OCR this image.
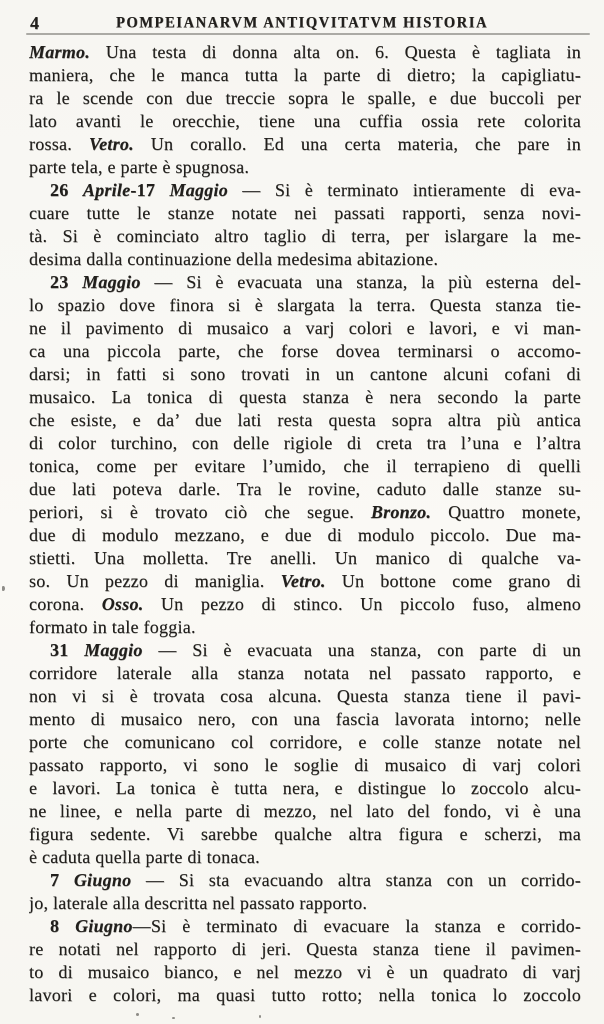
4	POMPEIANARVM ANTIQVITATVM HISTORIA
Marmo. Una testa di donna alta on. 6. Questa è tagliata in
maniera, che le manca tutta la parte di dietro; la capigliatu-
ra le scende con due treccie sopra le spalle, e due buccoli per
lato avanti le orecchie, tiene una cuffia ossia rete colorita
rossa. Vetro. Un corallo. Ed una certa materia, che pare in
parte tela, e parte è spugnosa.
26 Aprile-17 Maggio — Si è terminato intieramente di eva-
cuare tutte le stanze notate nei passati rapporti, senza novi-
tà. Si è cominciato altro taglio di terra, per islargare la me-
desima dalla continuazione della medesima abitazione.
23 Maggio — Si è evacuata una stanza, la più esterna del-
lo spazio dove finora si è slargata la terra. Questa stanza tie-
ne il pavimento di musaico a varj colori e lavori, e vi man-
ca una piccola parte, che forse dovea terminarsi o accomo-
darsi; in fatti si sono trovati in un cantone alcuni cofani di
musaico. La tonica di questa stanza è nera secondo la parte
che esiste, e da’ due lati resta questa sopra altra più antica
di color turchino, con delle rigiole di creta tra l’una e l’altra
tonica, come per evitare l’umido, che il terrapieno di quelli
due lati poteva darle. Tra le rovine, caduto dalle stanze su-
periori, si è trovato ciò che segue. Bronzo. Quattro monete,
due di modulo mezzano, e due di modulo piccolo. Due ma-
stietti. Una molletta. Tre anelli. Un manico di qualche va-
so. Un pezzo di maniglia. Vetro. Un bottone come grano di
corona. Osso. Un pezzo di stinco. Un piccolo fuso, almeno
formato in tale foggia.
31 Maggio — Si è evacuata una stanza, con parte di un
corridore laterale alla stanza notata nel passato rapporto, e
non vi si è trovata cosa alcuna. Questa stanza tiene il pavi-
mento di musaico nero, con una fascia lavorata intorno; nelle
porte che comunicano col corridore, e colle stanze notate nel
passato rapporto, vi sono le soglie di musaico di varj colori
e lavori. La tonica è tutta nera, e distingue lo zoccolo alcu-
ne linee, e nella parte di mezzo, nel lato del fondo, vi è una
figura sedente. Vi sarebbe qualche altra figura e scherzi, ma
è caduta quella parte di tonaca.
7 Giugno — Si sta evacuando altra stanza con un corrido-
jo, laterale alla descritta nel passato rapporto.
8 Giugno—Si è terminato di evacuare la stanza e corrido-
re notati nel rapporto di jeri. Questa stanza tiene il pavimen-
to di musaico bianco, e nel mezzo vi è un quadrato di varj
lavori e colori, ma quasi tutto rotto; nella tonica lo zoccolo
